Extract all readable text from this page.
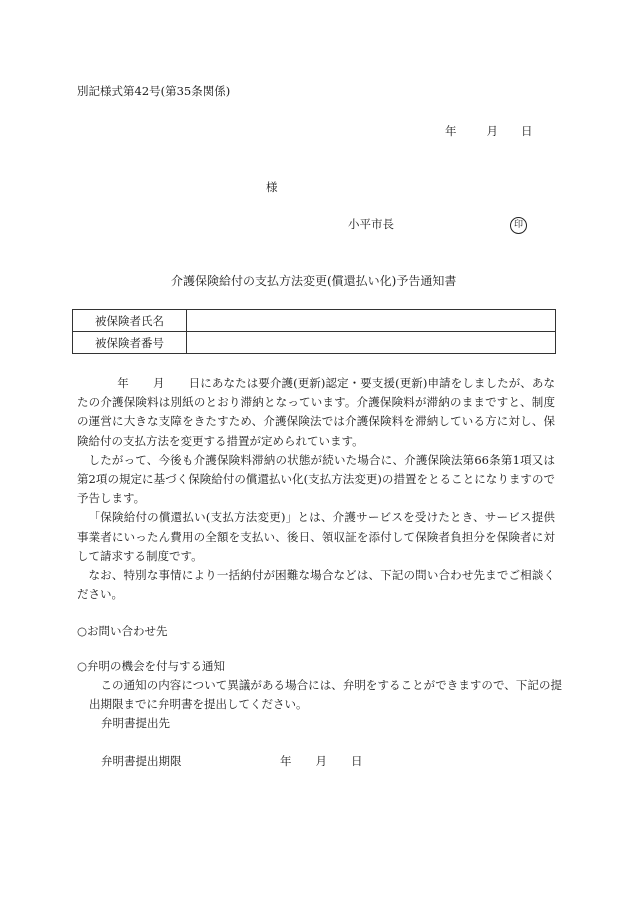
別記様式第42号(第35条関係)
年	月 日
様
小平市長	印
介護保険給付の支払方法変更(償還払い化)予告通知書
被保険者氏名	
被保険者番号	

年 月 日にあなたは要介護(更新)認定・要支援(更新)申請をしましたが、あなたの介護保険料は別紙のとおり滞納となっています。介護保険料が滞納のままですと、制度の運営に大きな支障をきたすため、介護保険法では介護保険料を滞納している方に対し、保険給付の支払方法を変更する措置が定められています。

したがって、今後も介護保険料滞納の状態が続いた場合に、介護保険法第66条第1項又は第2項の規定に基づく保険給付の償還払い化(支払方法変更)の措置をとることになりますので予告します。

「保険給付の償還払い(支払方法変更)」とは、介護サービスを受けたとき、サービス提供事業者にいったん費用の全額を支払い、後日、領収証を添付して保険者負担分を保険者に対して請求する制度です。

なお、特別な事情により一括納付が困難な場合などは、下記の問い合わせ先までご相談ください。

○お問い合わせ先
○弁明の機会を付与する通知

この通知の内容について異議がある場合には、弁明をすることができますので、下記の提出期限までに弁明書を提出してください。

弁明書提出先
弁明書提出期限	年 月 日
